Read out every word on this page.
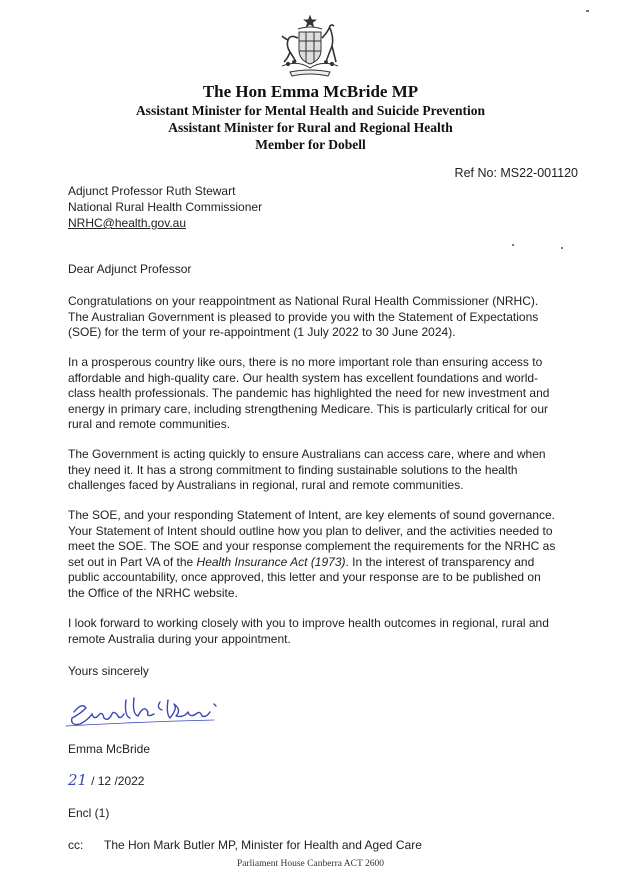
The Hon Emma McBride MP
Assistant Minister for Mental Health and Suicide Prevention
Assistant Minister for Rural and Regional Health
Member for Dobell
Ref No: MS22-001120
Adjunct Professor Ruth Stewart
National Rural Health Commissioner
NRHC@health.gov.au
Dear Adjunct Professor
Congratulations on your reappointment as National Rural Health Commissioner (NRHC). The Australian Government is pleased to provide you with the Statement of Expectations (SOE) for the term of your re-appointment (1 July 2022 to 30 June 2024).
In a prosperous country like ours, there is no more important role than ensuring access to affordable and high-quality care. Our health system has excellent foundations and world-class health professionals. The pandemic has highlighted the need for new investment and energy in primary care, including strengthening Medicare. This is particularly critical for our rural and remote communities.
The Government is acting quickly to ensure Australians can access care, where and when they need it. It has a strong commitment to finding sustainable solutions to the health challenges faced by Australians in regional, rural and remote communities.
The SOE, and your responding Statement of Intent, are key elements of sound governance. Your Statement of Intent should outline how you plan to deliver, and the activities needed to meet the SOE. The SOE and your response complement the requirements for the NRHC as set out in Part VA of the Health Insurance Act (1973). In the interest of transparency and public accountability, once approved, this letter and your response are to be published on the Office of the NRHC website.
I look forward to working closely with you to improve health outcomes in regional, rural and remote Australia during your appointment.
Yours sincerely
Emma McBride
21 / 12 /2022
Encl (1)
cc: The Hon Mark Butler MP, Minister for Health and Aged Care
Parliament House Canberra ACT 2600
